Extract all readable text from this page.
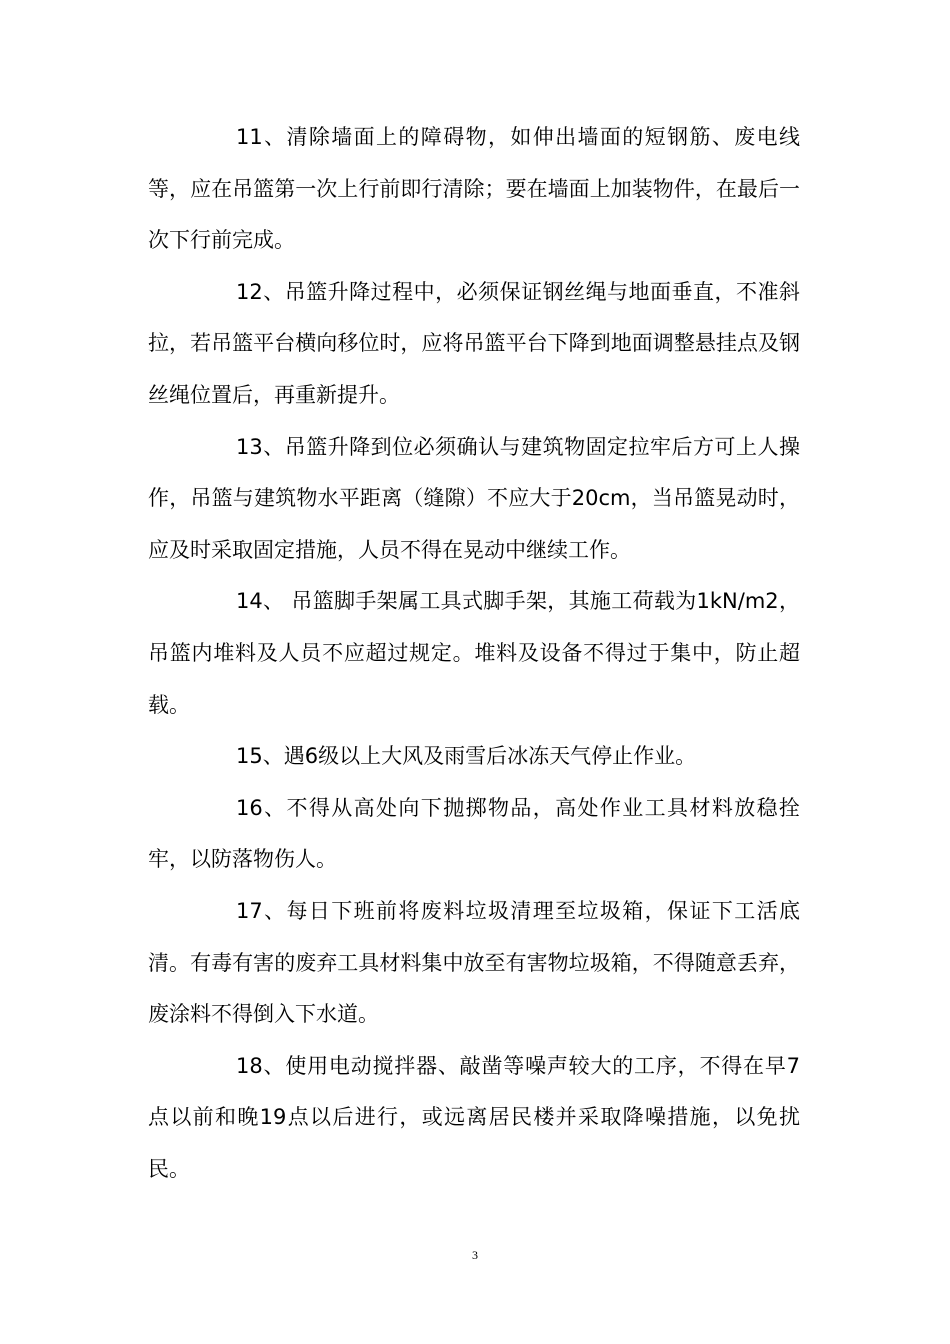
11、清除墙面上的障碍物，如伸出墙面的短钢筋、废电线等，应在吊篮第一次上行前即行清除；要在墙面上加装物件，在最后一次下行前完成。

12、吊篮升降过程中，必须保证钢丝绳与地面垂直，不准斜拉，若吊篮平台横向移位时，应将吊篮平台下降到地面调整悬挂点及钢丝绳位置后，再重新提升。

13、吊篮升降到位必须确认与建筑物固定拉牢后方可上人操作，吊篮与建筑物水平距离（缝隙）不应大于20cm，当吊篮晃动时，应及时采取固定措施，人员不得在晃动中继续工作。

14、 吊篮脚手架属工具式脚手架，其施工荷载为1kN/m2，吊篮内堆料及人员不应超过规定。堆料及设备不得过于集中，防止超载。

15、遇6级以上大风及雨雪后冰冻天气停止作业。

16、不得从高处向下抛掷物品，高处作业工具材料放稳拴牢，以防落物伤人。

17、每日下班前将废料垃圾清理至垃圾箱，保证下工活底清。有毒有害的废弃工具材料集中放至有害物垃圾箱，不得随意丢弃，废涂料不得倒入下水道。

18、使用电动搅拌器、敲凿等噪声较大的工序，不得在早7点以前和晚19点以后进行，或远离居民楼并采取降噪措施，以免扰民。

3
